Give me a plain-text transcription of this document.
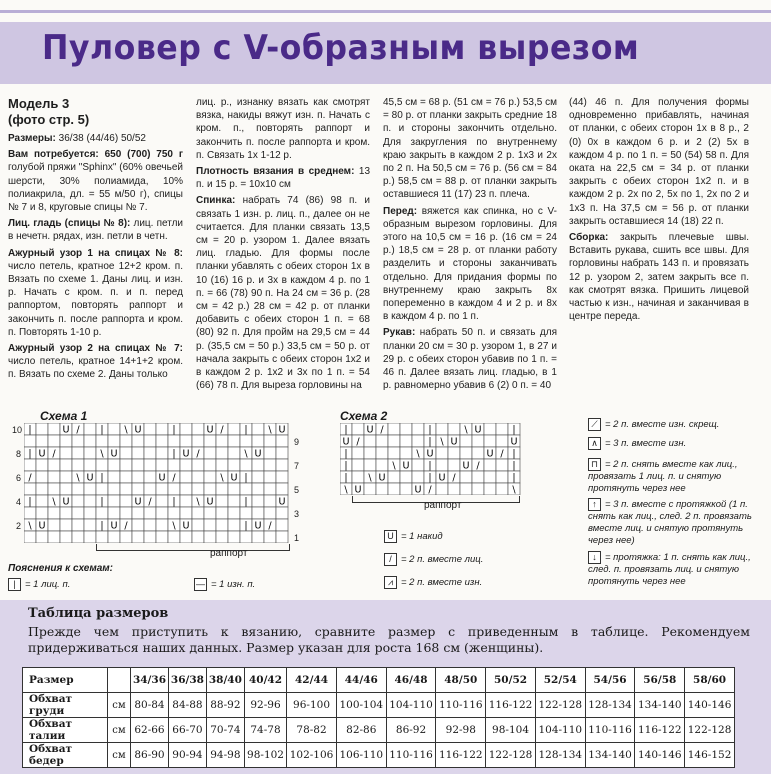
Пуловер с V-образным вырезом
Модель 3
(фото стр. 5)

Размеры: 36/38 (44/46) 50/52

Вам потребуется: 650 (700) 750 г голубой пряжи "Sphinx" (60% овечьей шерсти, 30% полиамида, 10% полиакрила, дл. = 55 м/50 г), спицы № 7 и 8, круговые спицы № 7.

Лиц. гладь (спицы № 8): лиц. петли в нечетн. рядах, изн. петли в четн.

Ажурный узор 1 на спицах № 8: число петель, кратное 12+2 кром. п. Вязать по схеме 1. Даны лиц. и изн. р. Начать с кром. п. и п. перед раппортом, повторять раппорт и закончить п. после раппорта и кром. п. Повторять 1-10 р.

Ажурный узор 2 на спицах № 7: число петель, кратное 14+1+2 кром. п. Вязать по схеме 2. Даны только

лиц. р., изнанку вязать как смотрят вязка, накиды вяжут изн. п. Начать с кром. п., повторять раппорт и закончить п. после раппорта и кром. п. Связать 1х 1-12 р.

Плотность вязания в среднем: 13 п. и 15 р. = 10х10 см

Спинка: набрать 74 (86) 98 п. и связать 1 изн. р. лиц. п., далее он не считается. Для планки связать 13,5 см = 20 р. узором 1. Далее вязать лиц. гладью. Для формы после планки убавлять с обеих сторон 1х в 10 (16) 16 р. и 3х в каждом 4 р. по 1 п. = 66 (78) 90 п. На 24 см = 36 р. (28 см = 42 р.) 28 см = 42 р. от планки добавить с обеих сторон 1 п. = 68 (80) 92 п. Для пройм на 29,5 см = 44 р. (35,5 см = 50 р.) 33,5 см = 50 р. от начала закрыть с обеих сторон 1х2 и в каждом 2 р. 1х2 и 3х по 1 п. = 54 (66) 78 п. Для выреза горловины на

45,5 см = 68 р. (51 см = 76 р.) 53,5 см = 80 р. от планки закрыть средние 18 п. и стороны закончить отдельно. Для закругления по внутреннему краю закрыть в каждом 2 р. 1х3 и 2х по 2 п. На 50,5 см = 76 р. (56 см = 84 р.) 58,5 см = 88 р. от планки закрыть оставшиеся 11 (17) 23 п. плеча.

Перед: вяжется как спинка, но с V-образным вырезом горловины. Для этого на 10,5 см = 16 р. (16 см = 24 р.) 18,5 см = 28 р. от планки работу разделить и стороны заканчивать отдельно. Для придания формы по внутреннему краю закрыть 8х попеременно в каждом 4 и 2 р. и 8х в каждом 4 р. по 1 п.

Рукав: набрать 50 п. и связать для планки 20 см = 30 р. узором 1, в 27 и 29 р. с обеих сторон убавив по 1 п. = 46 п. Далее вязать лиц. гладью, в 1 р. равномерно убавив 6 (2) 0 п. = 40

(44) 46 п. Для получения формы одновременно прибавлять, начиная от планки, с обеих сторон 1х в 8 р., 2 (0) 0х в каждом 6 р. и 2 (2) 5х в каждом 4 р. по 1 п. = 50 (54) 58 п. Для оката на 22,5 см = 34 р. от планки закрыть с обеих сторон 1х2 п. и в каждом 2 р. 2х по 2, 5х по 1, 2х по 2 и 1х3 п. На 37,5 см = 56 р. от планки закрыть оставшиеся 14 (18) 22 п.

Сборка: закрыть плечевые швы. Вставить рукава, сшить все швы. Для горловины набрать 143 п. и провязать 12 р. узором 2, затем закрыть все п. как смотрят вязка. Пришить лицевой частью к изн., начиная и заканчивая в центре переда.

Схема 1
|	U / | \ U	|	U / | \ U
| U /	\ U	| U /	\ U
/	\ U |	U /	\ U |
| \ U	|	U / | \ U	|	U
\ U	| U /	\ U	| U /
10
8
6
4
2
9
7
5
3
1
раппорт
Схема 2
| U /	|	\ U	|
U /	| \ U	U
|	\ U	U / |
|	\ U |	U /	|
| \ U	| U /	|
\ U	U /	\
раппорт
Пояснения к схемам:
| = 1 лиц. п.	— = 1 изн. п.
U = 1 накид
/ = 2 п. вместе лиц.
⩘ = 2 п. вместе изн.
⟋ = 2 п. вместе изн. скрещ.
∧ = 3 п. вместе изн.
⊓ = 2 п. снять вместе как лиц., провязать 1 лиц. п. и снятую протянуть через нее
↑ = 3 п. вместе с протяжкой (1 п. снять как лиц., след. 2 п. провязать вместе лиц. и снятую протянуть через нее)
↓ = протяжка: 1 п. снять как лиц., след. п. провязать лиц. и снятую протянуть через нее
Таблица размеров
Прежде чем приступить к вязанию, сравните размер с приведенным в таблице. Рекомендуем придерживаться наших данных. Размер указан для роста 168 см (женщины).
Размер		34/36	36/38	38/40	40/42	42/44	44/46	46/48	48/50	50/52	52/54	54/56	56/58	58/60
Обхват груди	см	80-84	84-88	88-92	92-96	96-100	100-104	104-110	110-116	116-122	122-128	128-134	134-140	140-146
Обхват талии	см	62-66	66-70	70-74	74-78	78-82	82-86	86-92	92-98	98-104	104-110	110-116	116-122	122-128
Обхват бедер	см	86-90	90-94	94-98	98-102	102-106	106-110	110-116	116-122	122-128	128-134	134-140	140-146	146-152
